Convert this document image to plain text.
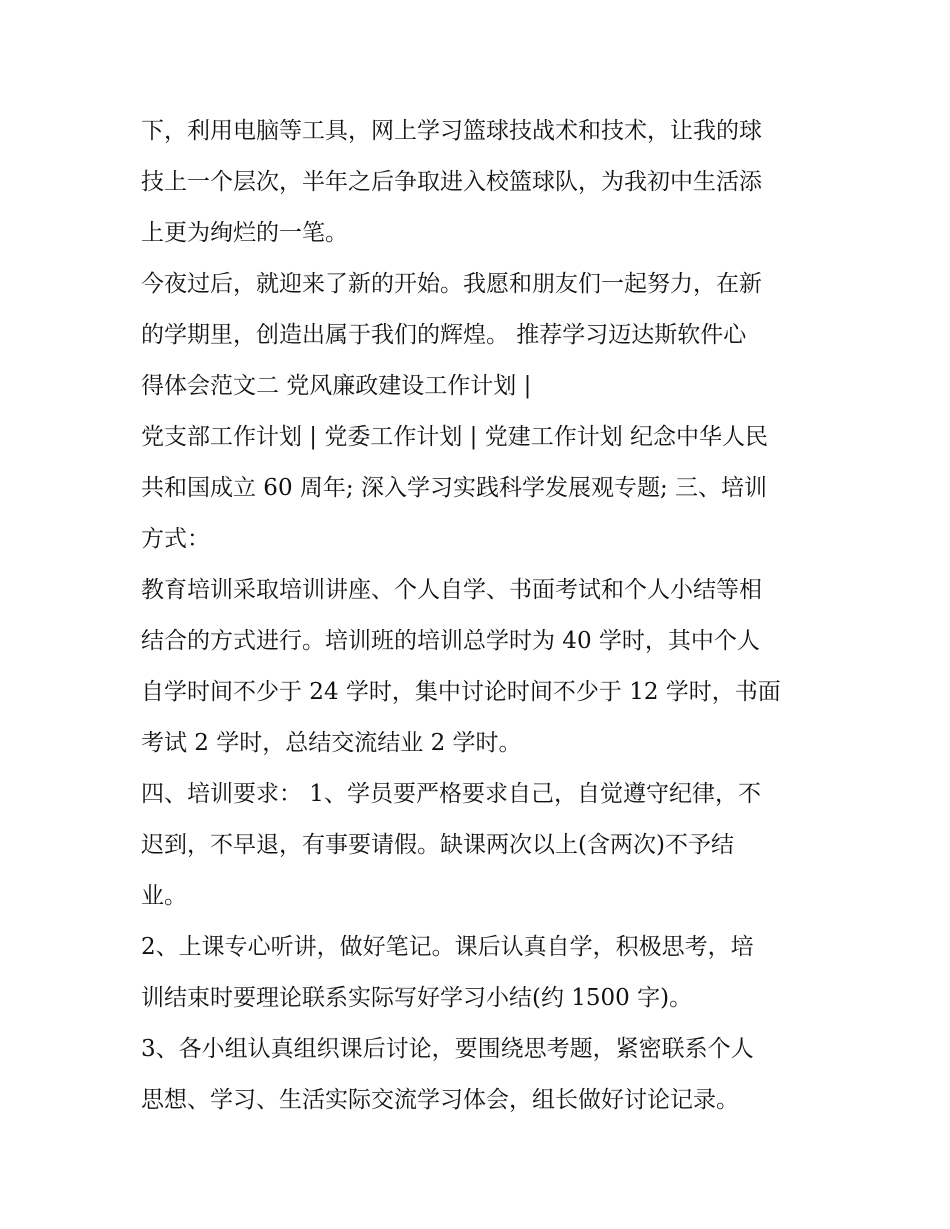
下，利用电脑等工具，网上学习篮球技战术和技术，让我的球
技上一个层次，半年之后争取进入校篮球队，为我初中生活添
上更为绚烂的一笔。
今夜过后，就迎来了新的开始。我愿和朋友们一起努力，在新
的学期里，创造出属于我们的辉煌。 推荐学习迈达斯软件心
得体会范文二 党风廉政建设工作计划 |
党支部工作计划 | 党委工作计划 | 党建工作计划 纪念中华人民
共和国成立 60 周年; 深入学习实践科学发展观专题; 三、培训
方式：
教育培训采取培训讲座、个人自学、书面考试和个人小结等相
结合的方式进行。培训班的培训总学时为 40 学时，其中个人
自学时间不少于 24 学时，集中讨论时间不少于 12 学时，书面
考试 2 学时，总结交流结业 2 学时。
四、培训要求： 1、学员要严格要求自己，自觉遵守纪律，不
迟到，不早退，有事要请假。缺课两次以上(含两次)不予结
业。
2、上课专心听讲，做好笔记。课后认真自学，积极思考，培
训结束时要理论联系实际写好学习小结(约 1500 字)。
3、各小组认真组织课后讨论，要围绕思考题，紧密联系个人
思想、学习、生活实际交流学习体会，组长做好讨论记录。
